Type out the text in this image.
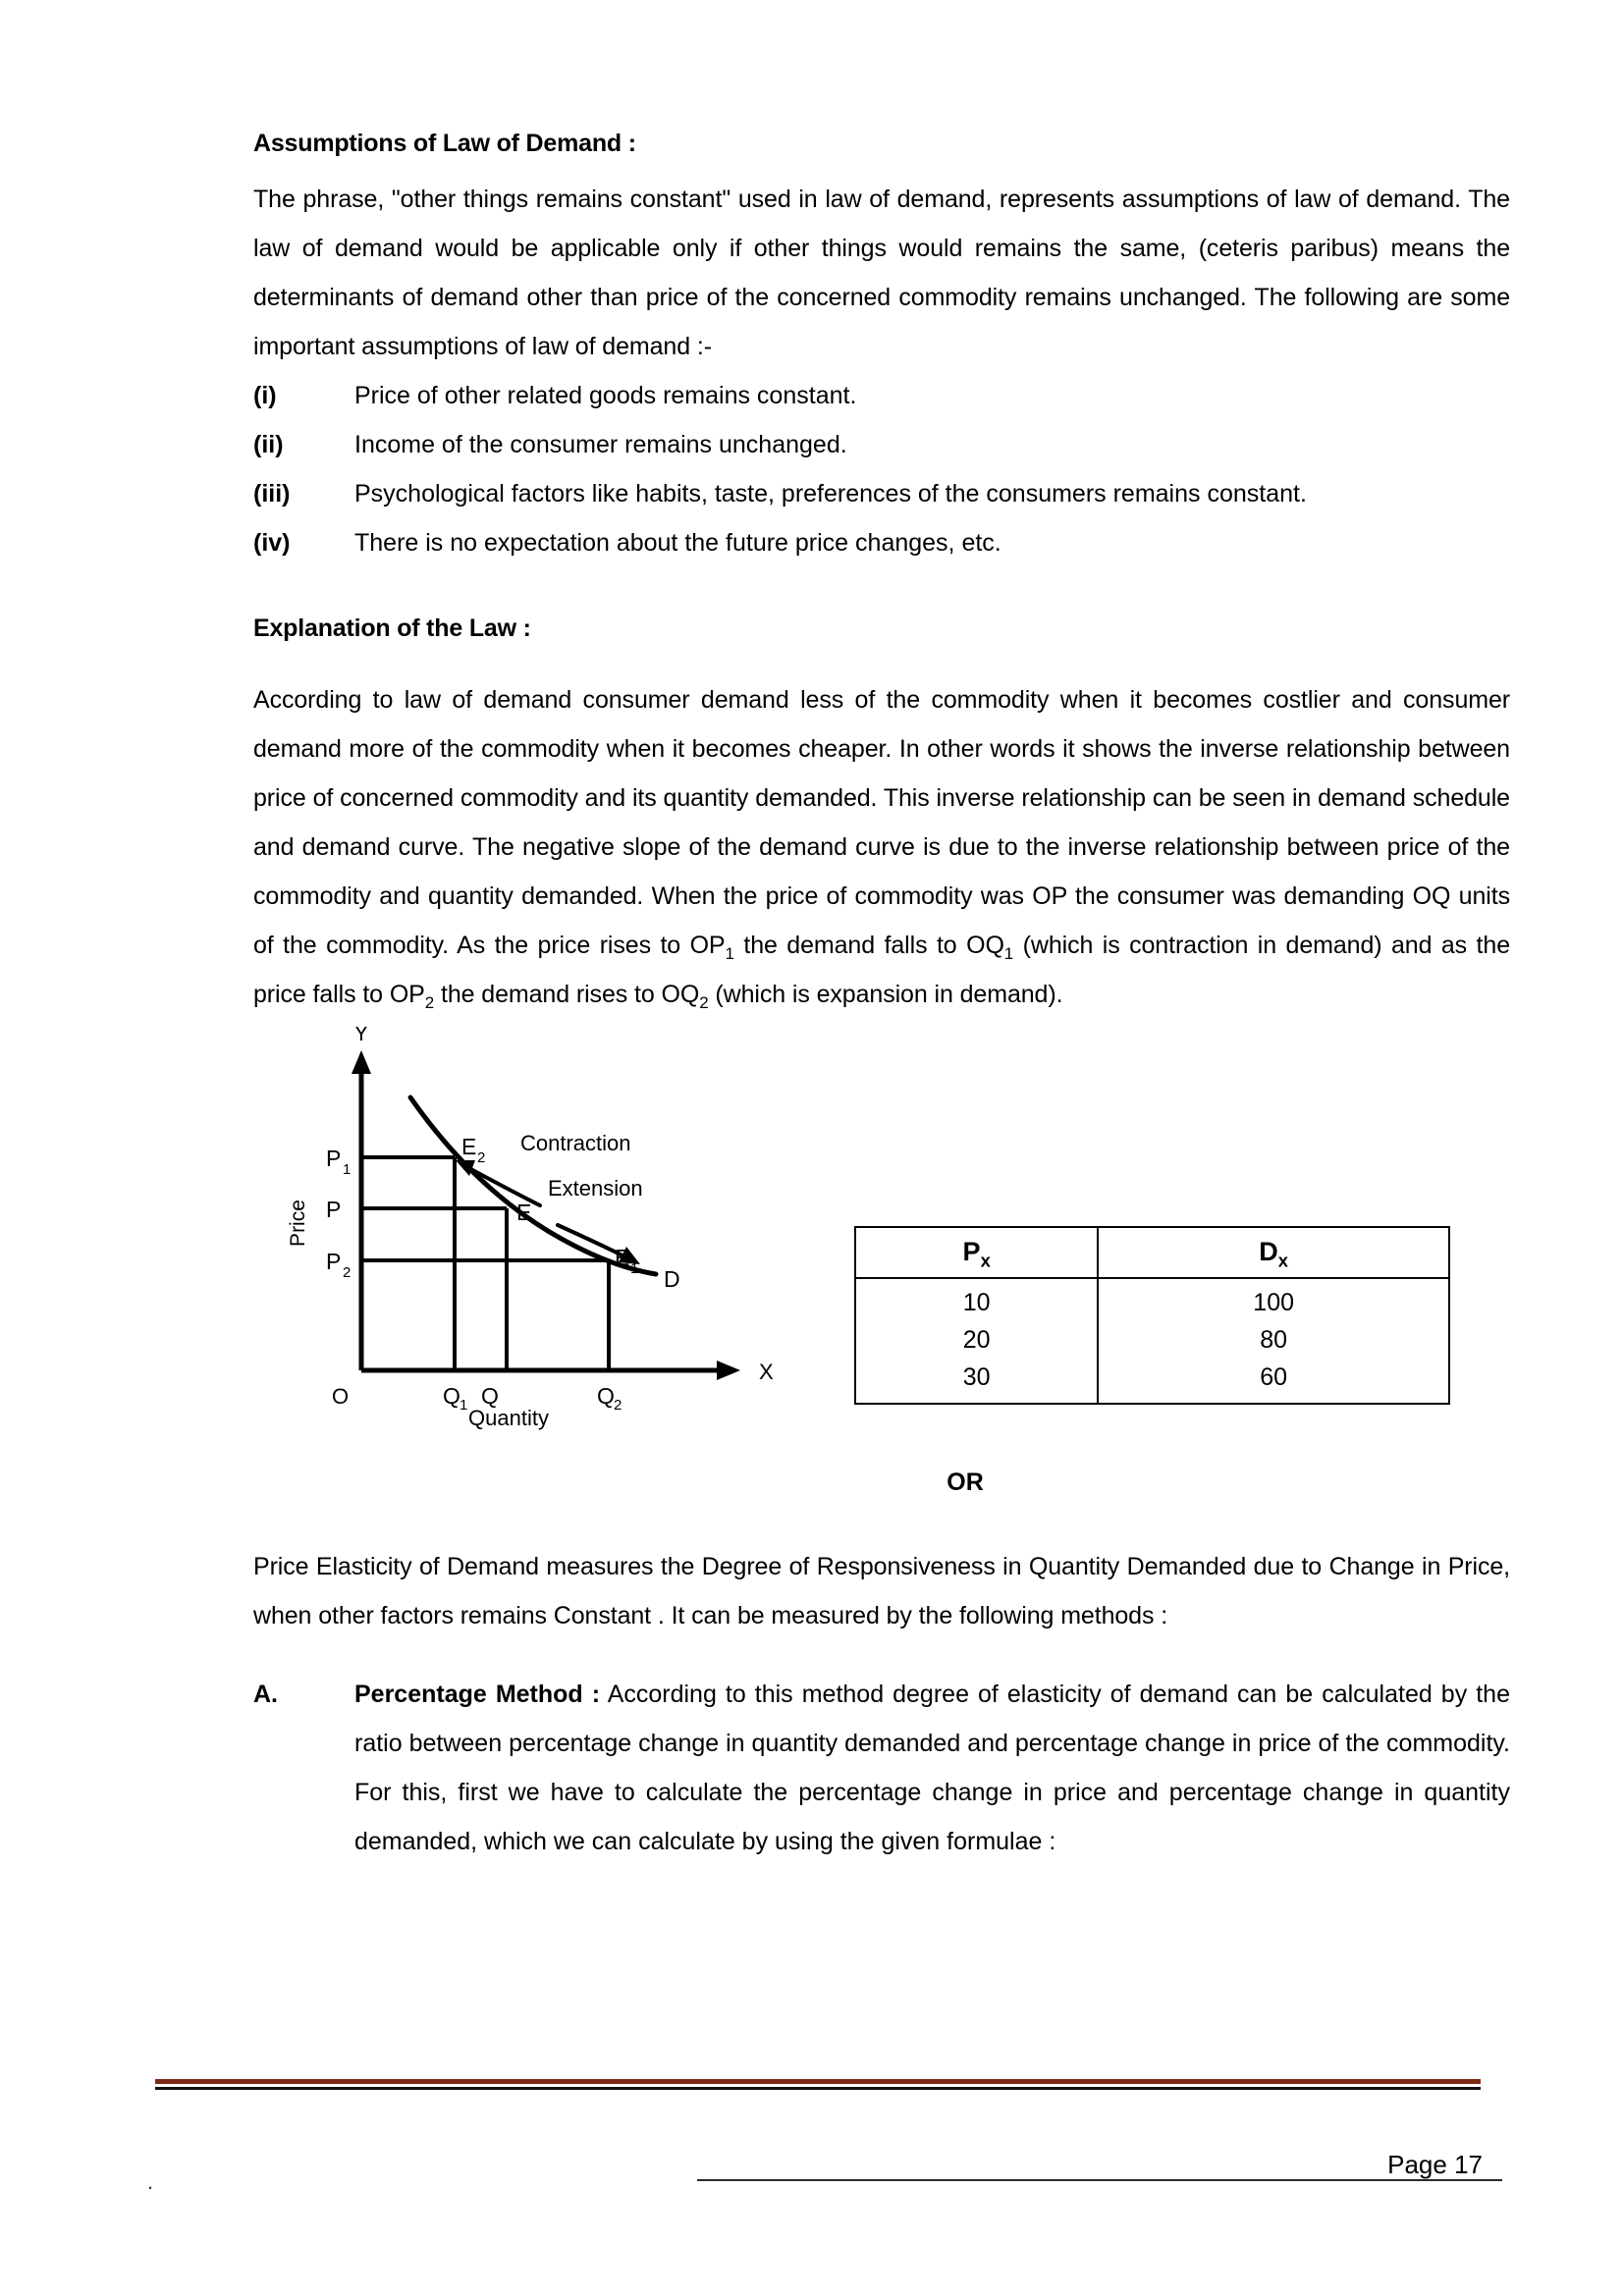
Assumptions of Law of Demand :

The phrase, "other things remains constant" used in law of demand, represents assumptions of law of demand. The law of demand would be applicable only if other things would remains the same, (ceteris paribus) means the determinants of demand other than price of the concerned commodity remains unchanged. The following are some important assumptions of law of demand :-

(i)	Price of other related goods remains constant.
(ii)	Income of the consumer remains unchanged.
(iii)	Psychological factors like habits, taste, preferences of the consumers remains constant.
(iv)	There is no expectation about the future price changes, etc.
Explanation of the Law :

According to law of demand consumer demand less of the commodity when it becomes costlier and consumer demand more of the commodity when it becomes cheaper. In other words it shows the inverse relationship between price of concerned commodity and its quantity demanded. This inverse relationship can be seen in demand schedule and demand curve. The negative slope of the demand curve is due to the inverse relationship between price of the commodity and quantity demanded. When the price of commodity was OP the consumer was demanding OQ units of the commodity. As the price rises to $OP_1$ the demand falls to $OQ_1$ (which is contraction in demand) and as the price falls to $OP_2$ the demand rises to $OQ_2$ (which is expansion in demand).

Y
X
O
Price
Quantity
P 1
P
P 2
Q 1 Q	Q 2
E 2
E
E 1 D
Contraction
Extension
$P_x$	$D_x$
10	100
20	80
30	60

OR

Price Elasticity of Demand measures the Degree of Responsiveness in Quantity Demanded due to Change in Price, when other factors remains Constant . It can be measured by the following methods :

A.	Percentage Method : According to this method degree of elasticity of demand can be calculated by the ratio between percentage change in quantity demanded and percentage change in price of the commodity. For this, first we have to calculate the percentage change in price and percentage change in quantity demanded, which we can calculate by using the given formulae :
.
Page 17
